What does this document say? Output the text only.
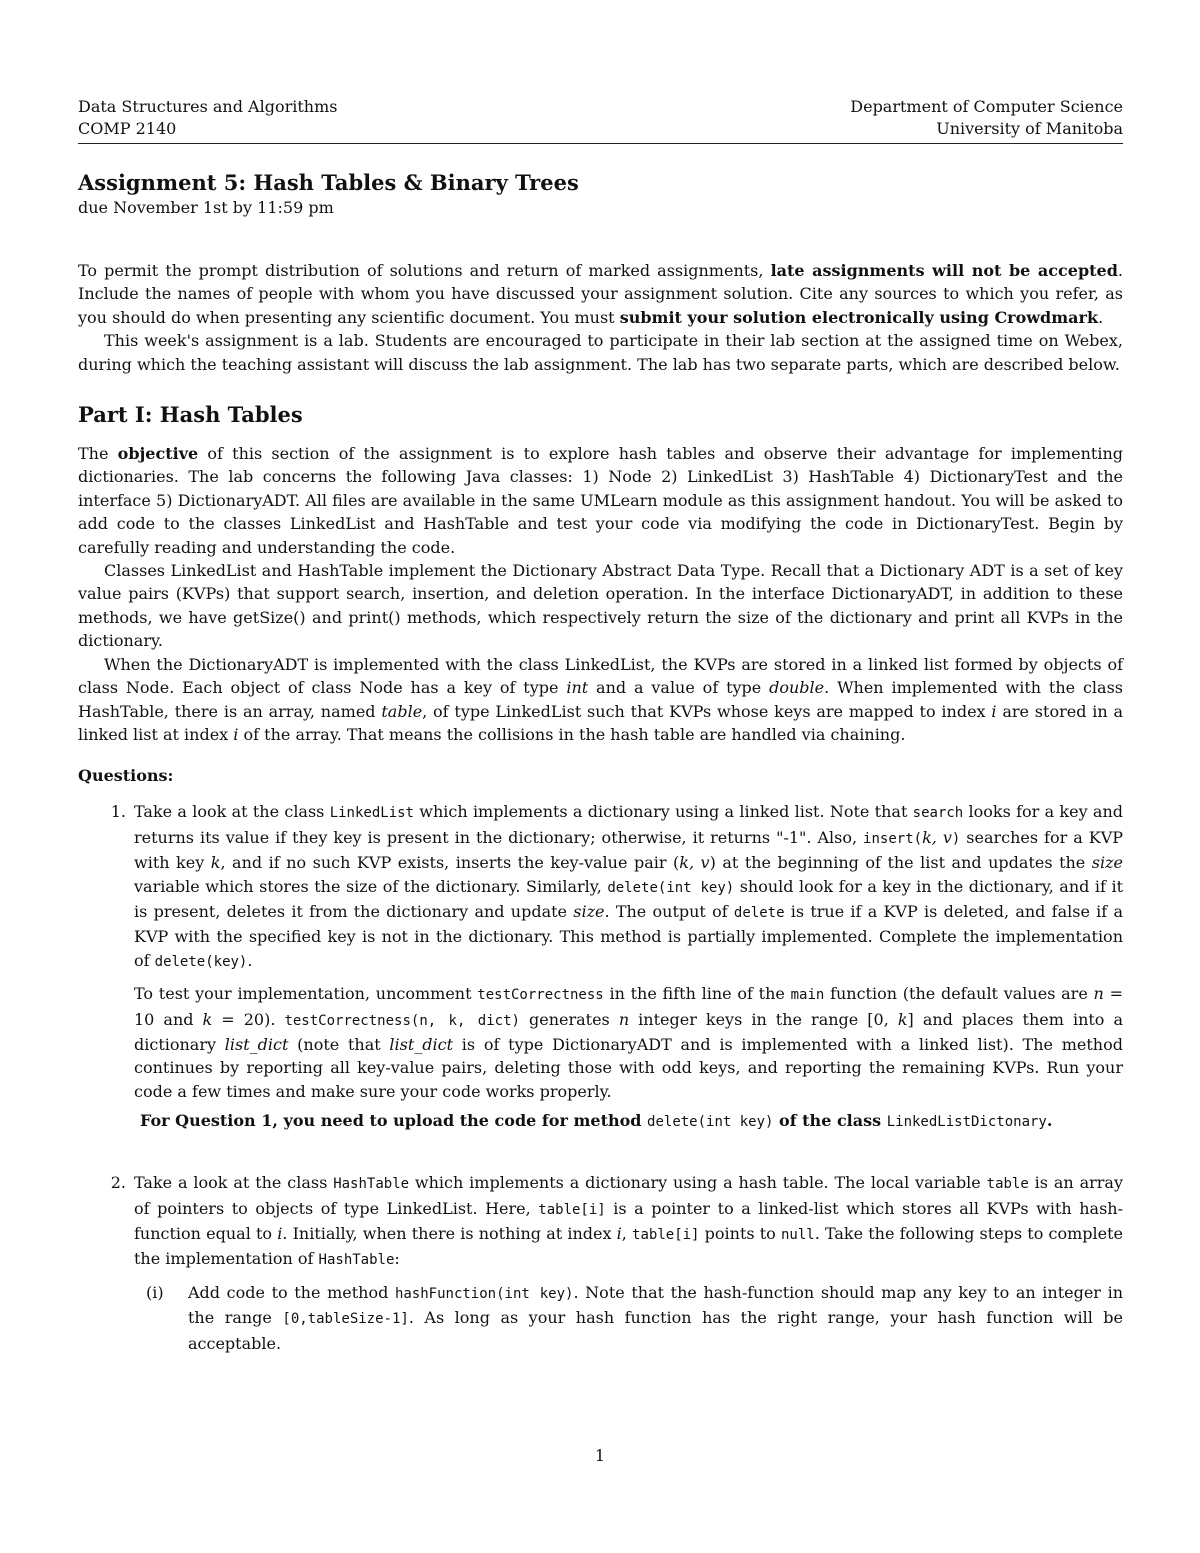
Data Structures and Algorithms
COMP 2140
Department of Computer Science
University of Manitoba
Assignment 5: Hash Tables & Binary Trees
due November 1st by 11:59 pm

To permit the prompt distribution of solutions and return of marked assignments, late assignments will not be accepted. Include the names of people with whom you have discussed your assignment solution. Cite any sources to which you refer, as you should do when presenting any scientific document. You must submit your solution electronically using Crowdmark.

This week's assignment is a lab. Students are encouraged to participate in their lab section at the assigned time on Webex, during which the teaching assistant will discuss the lab assignment. The lab has two separate parts, which are described below.

Part I: Hash Tables

The objective of this section of the assignment is to explore hash tables and observe their advantage for implementing dictionaries. The lab concerns the following Java classes: 1) Node 2) LinkedList 3) HashTable 4) DictionaryTest and the interface 5) DictionaryADT. All files are available in the same UMLearn module as this assignment handout. You will be asked to add code to the classes LinkedList and HashTable and test your code via modifying the code in DictionaryTest. Begin by carefully reading and understanding the code.

Classes LinkedList and HashTable implement the Dictionary Abstract Data Type. Recall that a Dictionary ADT is a set of key value pairs (KVPs) that support search, insertion, and deletion operation. In the interface DictionaryADT, in addition to these methods, we have getSize() and print() methods, which respectively return the size of the dictionary and print all KVPs in the dictionary.

When the DictionaryADT is implemented with the class LinkedList, the KVPs are stored in a linked list formed by objects of class Node. Each object of class Node has a key of type int and a value of type double. When implemented with the class HashTable, there is an array, named table, of type LinkedList such that KVPs whose keys are mapped to index i are stored in a linked list at index i of the array. That means the collisions in the hash table are handled via chaining.

Questions:
1. Take a look at the class LinkedList which implements a dictionary using a linked list. Note that search looks for a key and returns its value if they key is present in the dictionary; otherwise, it returns "-1". Also, insert(k, v) searches for a KVP with key k, and if no such KVP exists, inserts the key-value pair (k, v) at the beginning of the list and updates the size variable which stores the size of the dictionary. Similarly, delete(int key) should look for a key in the dictionary, and if it is present, deletes it from the dictionary and update size. The output of delete is true if a KVP is deleted, and false if a KVP with the specified key is not in the dictionary. This method is partially implemented. Complete the implementation of delete(key).

To test your implementation, uncomment testCorrectness in the fifth line of the main function (the default values are n = 10 and k = 20). testCorrectness(n, k, dict) generates n integer keys in the range [0, k] and places them into a dictionary list_dict (note that list_dict is of type DictionaryADT and is implemented with a linked list). The method continues by reporting all key-value pairs, deleting those with odd keys, and reporting the remaining KVPs. Run your code a few times and make sure your code works properly.

For Question 1, you need to upload the code for method delete(int key) of the class LinkedListDictonary.
2. Take a look at the class HashTable which implements a dictionary using a hash table. The local variable table is an array of pointers to objects of type LinkedList. Here, table[i] is a pointer to a linked-list which stores all KVPs with hash-function equal to i. Initially, when there is nothing at index i, table[i] points to null. Take the following steps to complete the implementation of HashTable:

(i)	Add code to the method hashFunction(int key). Note that the hash-function should map any key to an integer in the range [0,tableSize-1]. As long as your hash function has the right range, your hash function will be acceptable.

1
